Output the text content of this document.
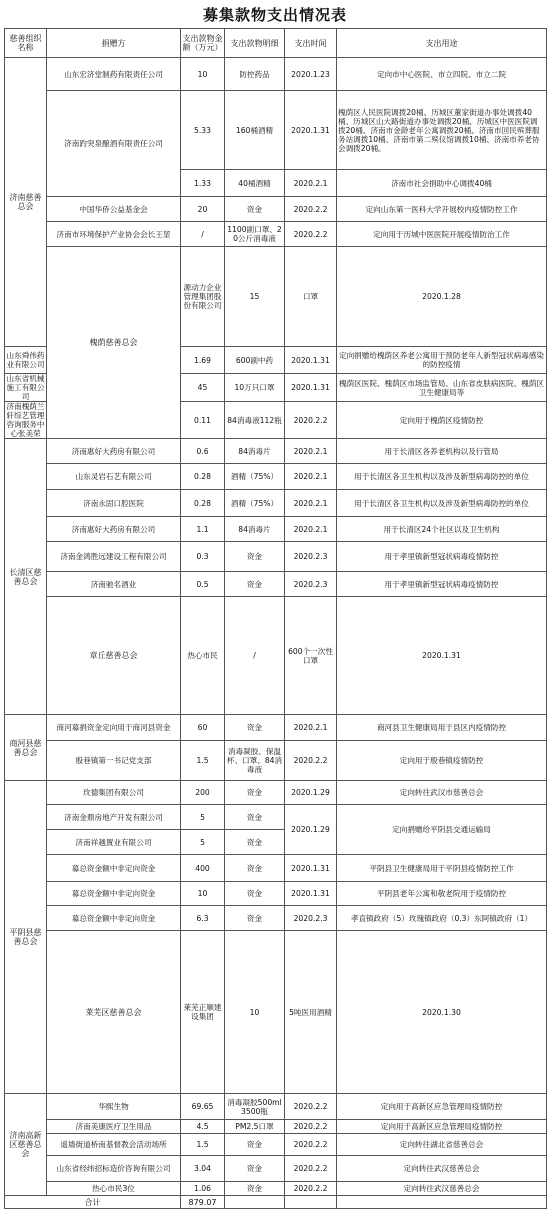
募集款物支出情况表
慈善组织名称	捐赠方	支出款物金额（万元）	支出款物明细	支出时间	支出用途	
济南慈善总会	山东宏济堂制药有限责任公司	10	防控药品	2020.1.23	定向市中心医院、市立四院、市立二院	
	济南趵突泉酿酒有限责任公司	5.33	160桶酒精	2020.1.31	槐荫区人民医院调拨20桶、历城区董家街道办事处调拨40桶、历城区山大路街道办事处调拨20桶、历城区中医医院调拨20桶、济南市金龄老年公寓调拨20桶、济南市回民殡葬服务站调拨10桶、济南市第二殡仪馆调拨10桶、济南市养老协会调拨20桶。	
		1.33	40桶酒精	2020.2.1	济南市社会捐助中心调拨40桶	
	中国华侨公益基金会	20	资金	2020.2.2	定向山东第一医科大学开展校内疫情防控工作	
	济南市环境保护产业协会会长王堃	/	1100副口罩、20公斤消毒液	2020.2.2	定向用于历城中医医院开展疫情防治工作	
	槐荫慈善总会	源动力企业管理集团股份有限公司	15	口罩	2020.1.28	
山东舜伟药业有限公司		1.69	600副中药	2020.1.31	定向捐赠给槐荫区养老公寓用于预防老年人新型冠状病毒感染的防控疫情	
山东省机械施工有限公司		45	10万只口罩	2020.1.31	槐荫区医院、槐荫区市场监管局、山东省皮肤病医院、槐荫区卫生健康局等	
济南槐荫兰轩综艺管理咨询服务中心张美荣		0.11	84消毒液112瓶	2020.2.2	定向用于槐荫区疫情防控	
长清区慈善总会	济南惠好大药房有限公司	0.6	84消毒片	2020.2.1	用于长清区各养老机构以及行管局	
	山东灵岩石艺有限公司	0.28	酒精（75%）	2020.2.1	用于长清区各卫生机构以及涉及新型病毒防控的单位	
	济南永固口腔医院	0.28	酒精（75%）	2020.2.1	用于长清区各卫生机构以及涉及新型病毒防控的单位	
	济南惠好大药房有限公司	1.1	84消毒片	2020.2.1	用于长清区24个社区以及卫生机构	
	济南金鸿胜远建设工程有限公司	0.3	资金	2020.2.3	用于孝里镇新型冠状病毒疫情防控	
	济南驰名酒业	0.5	资金	2020.2.3	用于孝里镇新型冠状病毒疫情防控	
	章丘慈善总会	热心市民	/	600个一次性口罩	2020.1.31	
商河县慈善总会	商河募捐资金定向用于商河县资金	60	资金	2020.2.1	商河县卫生健康局用于县区内疫情防控	
	殷巷镇第一书记党支部	1.5	消毒凝胶、保温杯、口罩、84消毒液	2020.2.2	定向用于殷巷镇疫情防控	
平阴县慈善总会	玫德集团有限公司	200	资金	2020.1.29	定向转往武汉市慈善总会	
	济南金鼎房地产开发有限公司	5	资金	2020.1.29	定向捐赠给平阴县交通运输局	
	济南祥越置业有限公司	5	资金			
	募总资金额中非定向资金	400	资金	2020.1.31	平阴县卫生健康局用于平阴县疫情防控工作	
	募总资金额中非定向资金	10	资金	2020.1.31	平阴县老年公寓和敬老院用于疫情防控	
	募总资金额中非定向资金	6.3	资金	2020.2.3	孝直镇政府（5）玫瑰镇政府（0.3）东阿镇政府（1）	
	莱芜区慈善总会	莱芜正顺建设集团	10	5吨医用酒精	2020.1.30	
济南高新区慈善总会	华熙生物	69.65	消毒凝胶500ml3500瓶	2020.2.2	定向用于高新区应急管理局疫情防控	
	济南美康医疗卫生用品	4.5	PM2.5口罩	2020.2.2	定向用于高新区应急管理局疫情防控	
	遥墙街道桥南基督教会活动场所	1.5	资金	2020.2.2	定向转往湖北省慈善总会	
	山东省经纬招标造价咨询有限公司	3.04	资金	2020.2.2	定向转往武汉慈善总会	
	热心市民3位	1.06	资金	2020.2.2	定向转往武汉慈善总会	
合计		879.07				
